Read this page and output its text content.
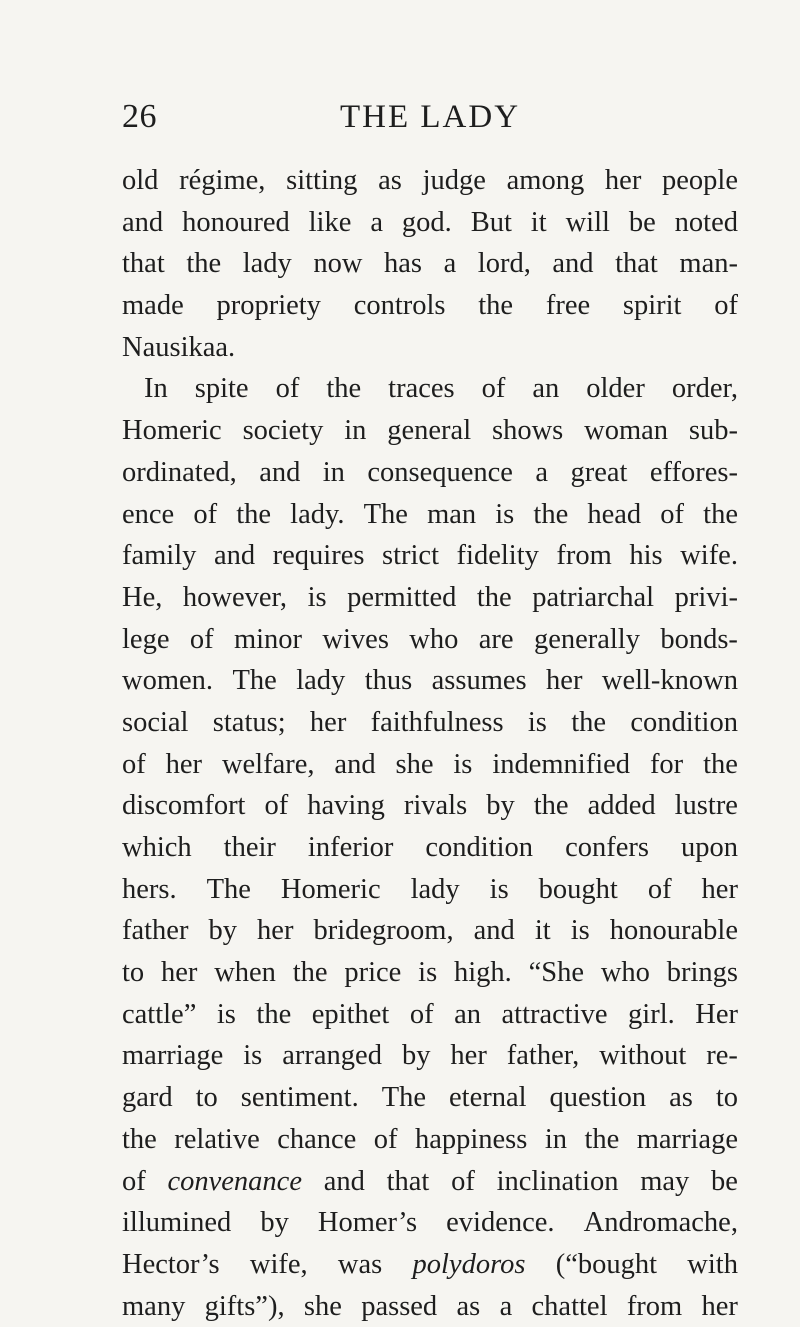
26	THE LADY
old régime, sitting as judge among her people
and honoured like a god. But it will be noted
that the lady now has a lord, and that man-
made propriety controls the free spirit of
Nausikaa.
In spite of the traces of an older order,
Homeric society in general shows woman sub-
ordinated, and in consequence a great effores-
ence of the lady. The man is the head of the
family and requires strict fidelity from his wife.
He, however, is permitted the patriarchal privi-
lege of minor wives who are generally bonds-
women. The lady thus assumes her well-known
social status; her faithfulness is the condition
of her welfare, and she is indemnified for the
discomfort of having rivals by the added lustre
which their inferior condition confers upon
hers. The Homeric lady is bought of her
father by her bridegroom, and it is honourable
to her when the price is high. “She who brings
cattle” is the epithet of an attractive girl. Her
marriage is arranged by her father, without re-
gard to sentiment. The eternal question as to
the relative chance of happiness in the marriage
of convenance and that of inclination may be
illumined by Homer’s evidence. Andromache,
Hector’s wife, was polydoros (“bought with
many gifts”), she passed as a chattel from her
